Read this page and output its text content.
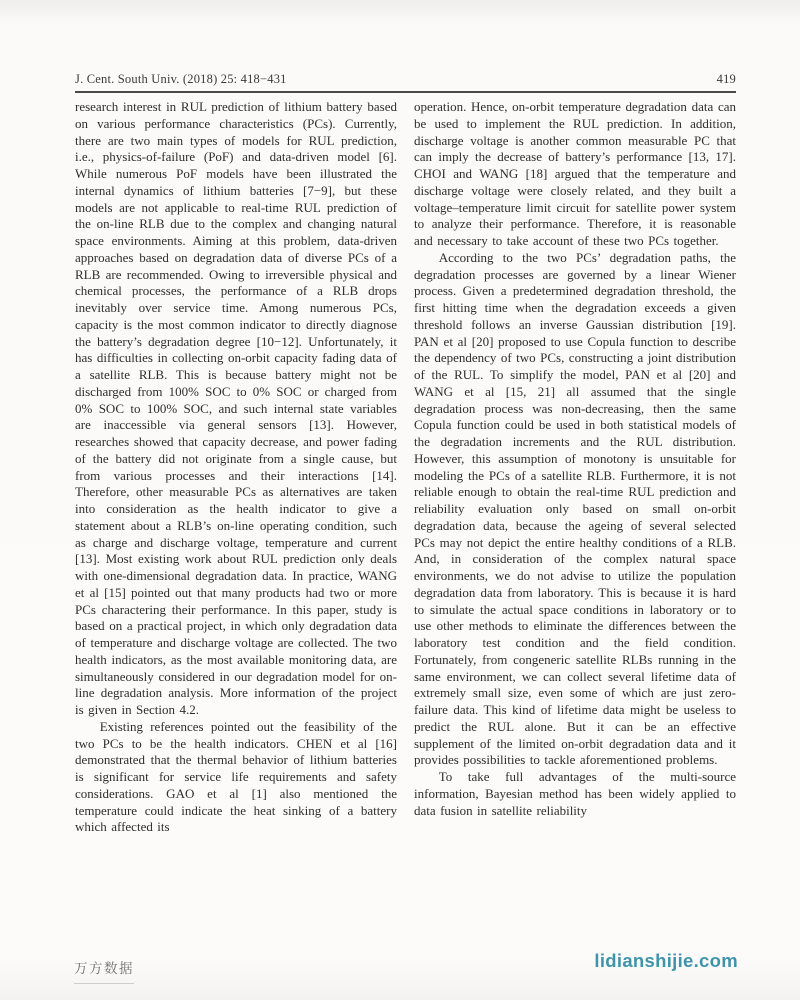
J. Cent. South Univ. (2018) 25: 418−431	419

research interest in RUL prediction of lithium battery based on various performance characteristics (PCs). Currently, there are two main types of models for RUL prediction, i.e., physics-of-failure (PoF) and data-driven model [6]. While numerous PoF models have been illustrated the internal dynamics of lithium batteries [7−9], but these models are not applicable to real-time RUL prediction of the on-line RLB due to the complex and changing natural space environments. Aiming at this problem, data-driven approaches based on degradation data of diverse PCs of a RLB are recommended. Owing to irreversible physical and chemical processes, the performance of a RLB drops inevitably over service time. Among numerous PCs, capacity is the most common indicator to directly diagnose the battery’s degradation degree [10−12]. Unfortunately, it has difficulties in collecting on-orbit capacity fading data of a satellite RLB. This is because battery might not be discharged from 100% SOC to 0% SOC or charged from 0% SOC to 100% SOC, and such internal state variables are inaccessible via general sensors [13]. However, researches showed that capacity decrease, and power fading of the battery did not originate from a single cause, but from various processes and their interactions [14]. Therefore, other measurable PCs as alternatives are taken into consideration as the health indicator to give a statement about a RLB’s on-line operating condition, such as charge and discharge voltage, temperature and current [13]. Most existing work about RUL prediction only deals with one-dimensional degradation data. In practice, WANG et al [15] pointed out that many products had two or more PCs charactering their performance. In this paper, study is based on a practical project, in which only degradation data of temperature and discharge voltage are collected. The two health indicators, as the most available monitoring data, are simultaneously considered in our degradation model for on-line degradation analysis. More information of the project is given in Section 4.2.

Existing references pointed out the feasibility of the two PCs to be the health indicators. CHEN et al [16] demonstrated that the thermal behavior of lithium batteries is significant for service life requirements and safety considerations. GAO et al [1] also mentioned the temperature could indicate the heat sinking of a battery which affected its

operation. Hence, on-orbit temperature degradation data can be used to implement the RUL prediction. In addition, discharge voltage is another common measurable PC that can imply the decrease of battery’s performance [13, 17]. CHOI and WANG [18] argued that the temperature and discharge voltage were closely related, and they built a voltage–temperature limit circuit for satellite power system to analyze their performance. Therefore, it is reasonable and necessary to take account of these two PCs together.

According to the two PCs’ degradation paths, the degradation processes are governed by a linear Wiener process. Given a predetermined degradation threshold, the first hitting time when the degradation exceeds a given threshold follows an inverse Gaussian distribution [19]. PAN et al [20] proposed to use Copula function to describe the dependency of two PCs, constructing a joint distribution of the RUL. To simplify the model, PAN et al [20] and WANG et al [15, 21] all assumed that the single degradation process was non-decreasing, then the same Copula function could be used in both statistical models of the degradation increments and the RUL distribution. However, this assumption of monotony is unsuitable for modeling the PCs of a satellite RLB. Furthermore, it is not reliable enough to obtain the real-time RUL prediction and reliability evaluation only based on small on-orbit degradation data, because the ageing of several selected PCs may not depict the entire healthy conditions of a RLB. And, in consideration of the complex natural space environments, we do not advise to utilize the population degradation data from laboratory. This is because it is hard to simulate the actual space conditions in laboratory or to use other methods to eliminate the differences between the laboratory test condition and the field condition. Fortunately, from congeneric satellite RLBs running in the same environment, we can collect several lifetime data of extremely small size, even some of which are just zero-failure data. This kind of lifetime data might be useless to predict the RUL alone. But it can be an effective supplement of the limited on-orbit degradation data and it provides possibilities to tackle aforementioned problems.

To take full advantages of the multi-source information, Bayesian method has been widely applied to data fusion in satellite reliability

万方数据	lidianshijie.com
